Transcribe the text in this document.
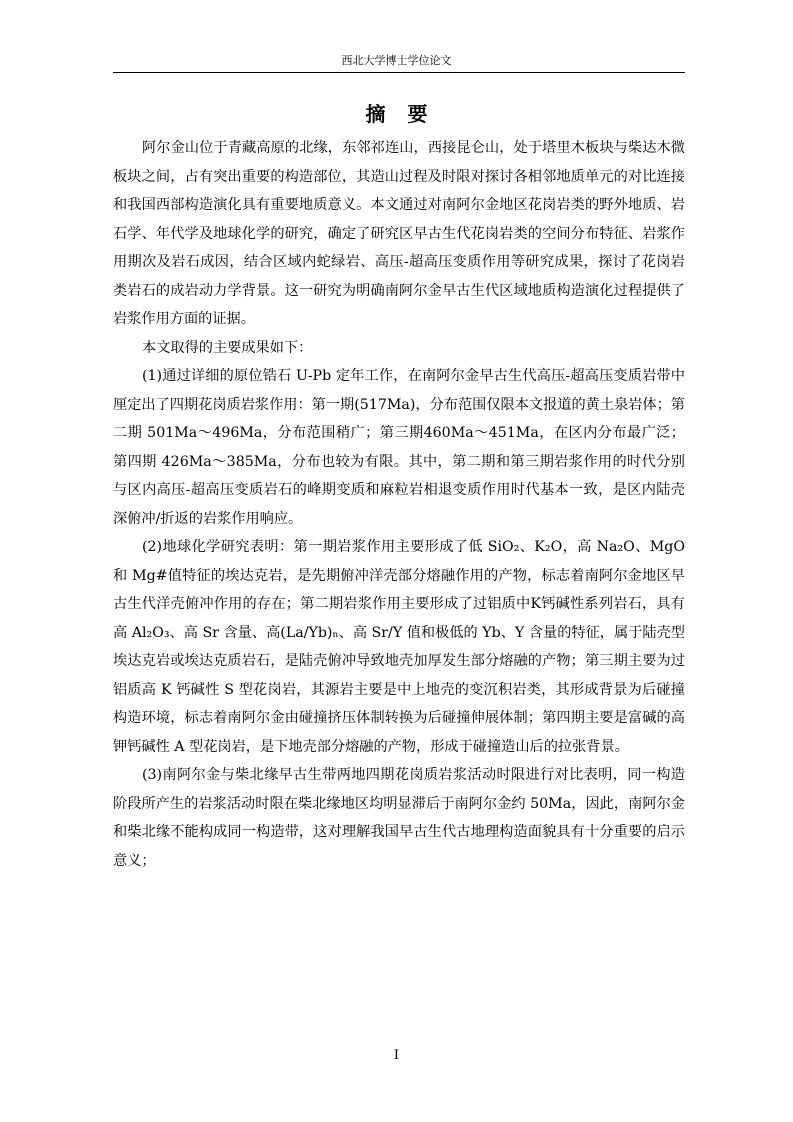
西北大学博士学位论文
摘要

阿尔金山位于青藏高原的北缘，东邻祁连山，西接昆仑山，处于塔里木板块与柴达木微板块之间，占有突出重要的构造部位，其造山过程及时限对探讨各相邻地质单元的对比连接和我国西部构造演化具有重要地质意义。本文通过对南阿尔金地区花岗岩类的野外地质、岩石学、年代学及地球化学的研究，确定了研究区早古生代花岗岩类的空间分布特征、岩浆作用期次及岩石成因，结合区域内蛇绿岩、高压-超高压变质作用等研究成果，探讨了花岗岩类岩石的成岩动力学背景。这一研究为明确南阿尔金早古生代区域地质构造演化过程提供了岩浆作用方面的证据。

本文取得的主要成果如下：

(1)通过详细的原位锆石 U-Pb 定年工作，在南阿尔金早古生代高压-超高压变质岩带中厘定出了四期花岗质岩浆作用：第一期(517Ma)，分布范围仅限本文报道的黄土泉岩体；第二期 501Ma～496Ma，分布范围稍广；第三期460Ma～451Ma，在区内分布最广泛；第四期 426Ma～385Ma，分布也较为有限。其中，第二期和第三期岩浆作用的时代分别与区内高压-超高压变质岩石的峰期变质和麻粒岩相退变质作用时代基本一致，是区内陆壳深俯冲/折返的岩浆作用响应。

(2)地球化学研究表明：第一期岩浆作用主要形成了低 SiO₂、K₂O，高 Na₂O、MgO 和 Mg#值特征的埃达克岩，是先期俯冲洋壳部分熔融作用的产物，标志着南阿尔金地区早古生代洋壳俯冲作用的存在；第二期岩浆作用主要形成了过铝质中K钙碱性系列岩石，具有高 Al₂O₃、高 Sr 含量、高(La/Yb)ₙ、高 Sr/Y 值和极低的 Yb、Y 含量的特征，属于陆壳型埃达克岩或埃达克质岩石，是陆壳俯冲导致地壳加厚发生部分熔融的产物；第三期主要为过铝质高 K 钙碱性 S 型花岗岩，其源岩主要是中上地壳的变沉积岩类，其形成背景为后碰撞构造环境，标志着南阿尔金由碰撞挤压体制转换为后碰撞伸展体制；第四期主要是富碱的高钾钙碱性 A 型花岗岩，是下地壳部分熔融的产物，形成于碰撞造山后的拉张背景。

(3)南阿尔金与柴北缘早古生带两地四期花岗质岩浆活动时限进行对比表明，同一构造阶段所产生的岩浆活动时限在柴北缘地区均明显滞后于南阿尔金约 50Ma，因此，南阿尔金和柴北缘不能构成同一构造带，这对理解我国早古生代古地理构造面貌具有十分重要的启示意义；

I
